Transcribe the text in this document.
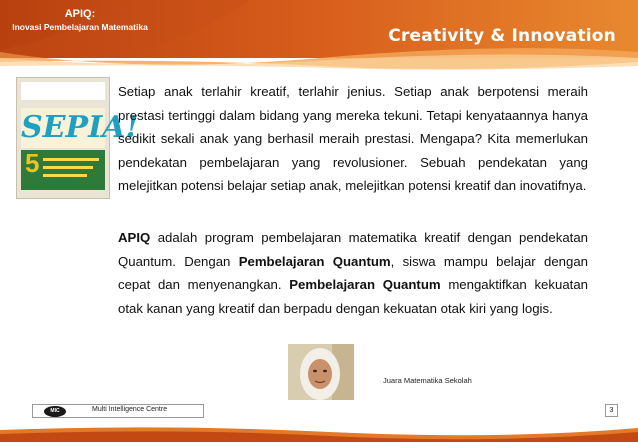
APIQ:
Inovasi Pembelajaran Matematika	Creativity & Innovation
SEPIA!
5
Setiap anak terlahir kreatif, terlahir jenius. Setiap anak berpotensi meraih prestasi tertinggi dalam bidang yang mereka tekuni. Tetapi kenyataannya hanya sedikit sekali anak yang berhasil meraih prestasi. Mengapa? Kita memerlukan pendekatan pembelajaran yang revolusioner. Sebuah pendekatan yang melejitkan potensi belajar setiap anak, melejitkan potensi kreatif dan inovatifnya.
APIQ adalah program pembelajaran matematika kreatif dengan pendekatan Quantum. Dengan Pembelajaran Quantum, siswa mampu belajar dengan cepat dan menyenangkan. Pembelajaran Quantum mengaktifkan kekuatan otak kanan yang kreatif dan berpadu dengan kekuatan otak kiri yang logis.
Juara Matematika Sekolah
MIC	Multi Intelligence Centre	3
